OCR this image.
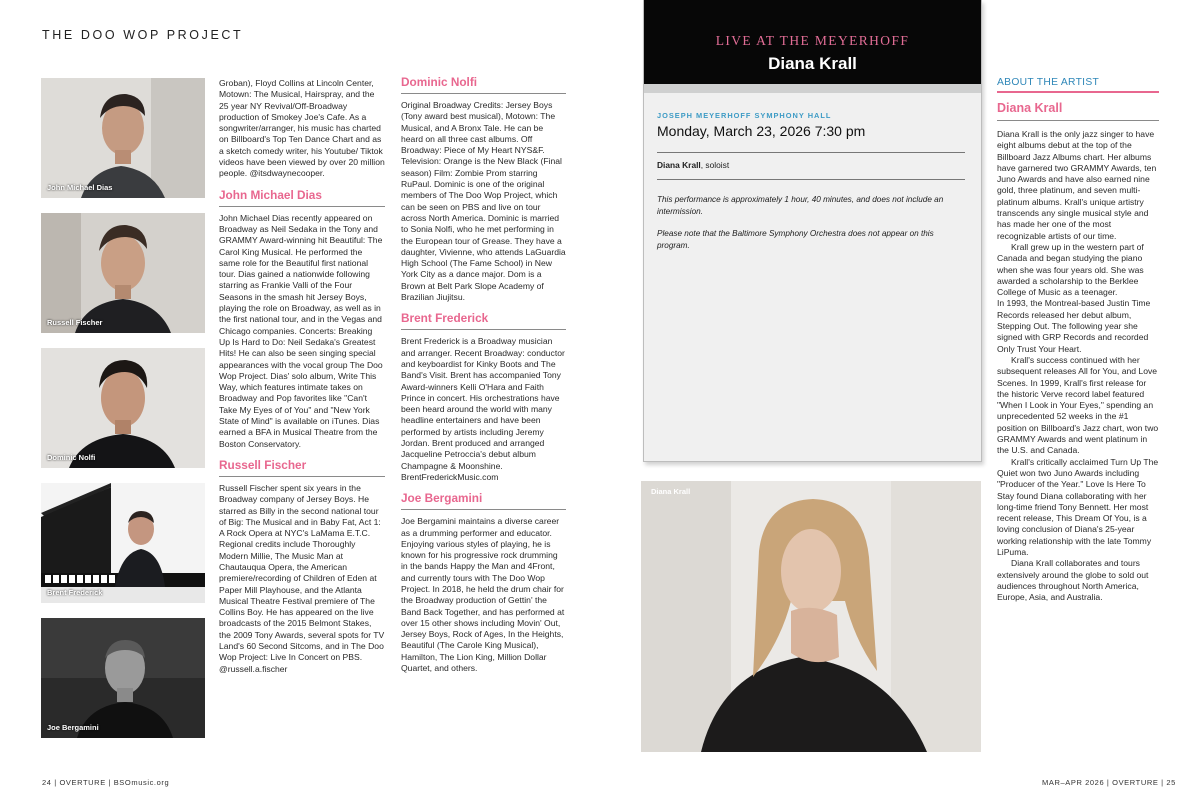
THE DOO WOP PROJECT
John Michael Dias
Russell Fischer
Dominic Nolfi
Brent Frederick
Joe Bergamini

Groban), Floyd Collins at Lincoln Center, Motown: The Musical, Hairspray, and the 25 year NY Revival/Off-Broadway production of Smokey Joe's Cafe. As a songwriter/arranger, his music has charted on Billboard's Top Ten Dance Chart and as a sketch comedy writer, his Youtube/ Tiktok videos have been viewed by over 20 million people. @itsdwayne​cooper.

John Michael Dias

John Michael Dias recently appeared on Broadway as Neil Sedaka in the Tony and GRAMMY Award-winning hit Beautiful: The Carol King Musical. He performed the same role for the Beautiful first national tour. Dias gained a nationwide following starring as Frankie Valli of the Four Seasons in the smash hit Jersey Boys, playing the role on Broadway, as well as in the first national tour, and in the Vegas and Chicago companies. Concerts: Breaking Up Is Hard to Do: Neil Sedaka's Greatest Hits! He can also be seen singing special appearances with the vocal group The Doo Wop Project. Dias' solo album, Write This Way, which features intimate takes on Broadway and Pop favorites like "Can't Take My Eyes of of You" and "New York State of Mind" is available on iTunes. Dias earned a BFA in Musical Theatre from the Boston Conservatory.

Russell Fischer

Russell Fischer spent six years in the Broadway company of Jersey Boys. He starred as Billy in the second national tour of Big: The Musical and in Baby Fat, Act 1: A Rock Opera at NYC's LaMama E.T.C. Regional credits include Thoroughly Modern Millie, The Music Man at Chautauqua Opera, the American premiere/recording of Children of Eden at Paper Mill Playhouse, and the Atlanta Musical Theatre Festival premiere of The Collins Boy. He has appeared on the live broadcasts of the 2015 Belmont Stakes, the 2009 Tony Awards, several spots for TV Land's 60 Second Sitcoms, and in The Doo Wop Project: Live In Concert on PBS. @russell.a.fischer

Dominic Nolfi

Original Broadway Credits: Jersey Boys (Tony award best musical), Motown: The Musical, and A Bronx Tale. He can be heard on all three cast albums. Off Broadway: Piece of My Heart NYS&F. Television: Orange is the New Black (Final season) Film: Zombie Prom starring RuPaul. Dominic is one of the original members of The Doo Wop Project, which can be seen on PBS and live on tour across North America. Dominic is married to Sonia Nolfi, who he met performing in the European tour of Grease. They have a daughter, Vivienne, who attends LaGuardia High School (The Fame School) in New York City as a dance major. Dom is a Brown at Belt Park Slope Academy of Brazilian Jiujitsu.

Brent Frederick

Brent Frederick is a Broadway musician and arranger. Recent Broadway: conductor and keyboardist for Kinky Boots and The Band's Visit. Brent has accompanied Tony Award-winners Kelli O'Hara and Faith Prince in concert. His orchestrations have been heard around the world with many headline entertainers and have been performed by artists including Jeremy Jordan. Brent produced and arranged Jacqueline Petroccia's debut album Champagne & Moonshine. BrentFrederickMusic.com

Joe Bergamini

Joe Bergamini maintains a diverse career as a drumming performer and educator. Enjoying various styles of playing, he is known for his progressive rock drumming in the bands Happy the Man and 4Front, and currently tours with The Doo Wop Project. In 2018, he held the drum chair for the Broadway production of Gettin' the Band Back Together, and has performed at over 15 other shows including Movin' Out, Jersey Boys, Rock of Ages, In the Heights, Beautiful (The Carole King Musical), Hamilton, The Lion King, Million Dollar Quartet, and others.

24 | OVERTURE | BSOmusic.org
LIVE AT THE MEYERHOFF
Diana Krall
JOSEPH MEYERHOFF SYMPHONY HALL
Monday, March 23, 2026 7:30 pm
Diana Krall, soloist
This performance is approximately 1 hour, 40 minutes, and does not include an intermission.
Please note that the Baltimore Symphony Orchestra does not appear on this program.
Diana Krall
ABOUT THE ARTIST
Diana Krall

Diana Krall is the only jazz singer to have eight albums debut at the top of the Billboard Jazz Albums chart. Her albums have garnered two GRAMMY Awards, ten Juno Awards and have also earned nine gold, three platinum, and seven multi-platinum albums. Krall's unique artistry transcends any single musical style and has made her one of the most recognizable artists of our time.

Krall grew up in the western part of Canada and began studying the piano when she was four years old. She was awarded a scholarship to the Berklee College of Music as a teenager.

In 1993, the Montreal-based Justin Time Records released her debut album, Stepping Out. The following year she signed with GRP Records and recorded Only Trust Your Heart.

Krall's success continued with her subsequent releases All for You, and Love Scenes. In 1999, Krall's first release for the historic Verve record label featured "When I Look in Your Eyes," spending an unprecedented 52 weeks in the #1 position on Billboard's Jazz chart, won two GRAMMY Awards and went platinum in the U.S. and Canada.

Krall's critically acclaimed Turn Up The Quiet won two Juno Awards including "Producer of the Year." Love Is Here To Stay found Diana collaborating with her long-time friend Tony Bennett. Her most recent release, This Dream Of You, is a loving conclusion of Diana's 25-year working relationship with the late Tommy LiPuma.

Diana Krall collaborates and tours extensively around the globe to sold out audiences throughout North America, Europe, Asia, and Australia.

MAR–APR 2026 | OVERTURE | 25
